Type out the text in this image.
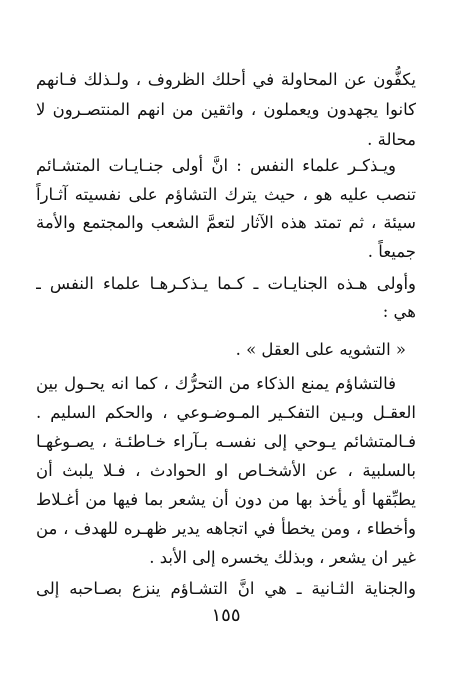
يكفُّون عن المحاولة في أحلك الظروف ، ولـذلك فـانهم
كانوا يجهدون ويعملون ، واثقين من انهم المنتصـرون لا
محالة .
ويـذكـر علماء النفس : انَّ أولى جنـايـات المتشـائم
تنصب عليه هو ، حيث يترك التشاؤم على نفسيته آثـاراً
سيئة ، ثم تمتد هذه الآثار لتعمَّ الشعب والمجتمع والأمة
جميعاً .
وأولى هـذه الجنايـات ـ كـما يـذكـرهـا علماء النفس ـ
هي :
« التشويه على العقل » .
فالتشاؤم يمنع الذكاء من التحرُّك ، كما انه يحـول بين
العقـل وبـين التفكـير المـوضـوعي ، والحكم السليم .
فـالمتشائم يـوحي إلى نفسـه بـآراء خـاطئـة ، يصـوغهـا
بالسلبية ، عن الأشخـاص او الحوادث ، فـلا يلبث أن
يطبِّقها أو يأخذ بها من دون أن يشعر بما فيها من أغـلاط
وأخطاء ، ومن يخطأ في اتجاهه يدير ظهـره للهدف ، من
غير ان يشعر ، وبذلك يخسره إلى الأبد .
والجناية الثـانية ـ هي انَّ التشـاؤم ينزع بصـاحبه إلى
١٥٥
